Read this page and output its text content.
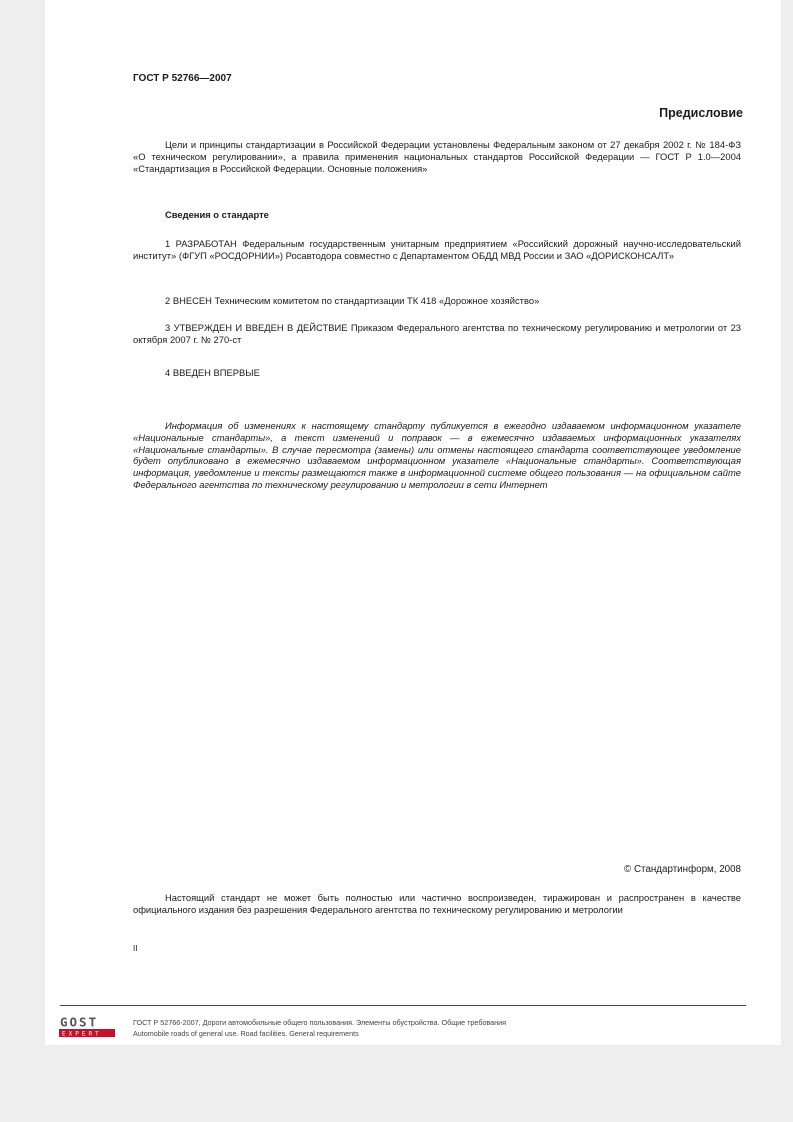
ГОСТ Р 52766—2007

Предисловие

Цели и принципы стандартизации в Российской Федерации установлены Федеральным законом от 27 декабря 2002 г. № 184-ФЗ «О техническом регулировании», а правила применения национальных стандартов Российской Федерации — ГОСТ Р 1.0—2004 «Стандартизация в Российской Федерации. Основные положения»

Сведения о стандарте

1 РАЗРАБОТАН Федеральным государственным унитарным предприятием «Российский дорожный научно-исследовательский институт» (ФГУП «РОСДОРНИИ») Росавтодора совместно с Департаментом ОБДД МВД России и ЗАО «ДОРИСКОНСАЛТ»

2 ВНЕСЕН Техническим комитетом по стандартизации ТК 418 «Дорожное хозяйство»

3 УТВЕРЖДЕН И ВВЕДЕН В ДЕЙСТВИЕ Приказом Федерального агентства по техническому регулированию и метрологии от 23 октября 2007 г. № 270-ст

4 ВВЕДЕН ВПЕРВЫЕ

Информация об изменениях к настоящему стандарту публикуется в ежегодно издаваемом информационном указателе «Национальные стандарты», а текст изменений и поправок — в ежемесячно издаваемых информационных указателях «Национальные стандарты». В случае пересмотра (замены) или отмены настоящего стандарта соответствующее уведомление будет опубликовано в ежемесячно издаваемом информационном указателе «Национальные стандарты». Соответствующая информация, уведомление и тексты размещаются также в информационной системе общего пользования — на официальном сайте Федерального агентства по техническому регулированию и метрологии в сети Интернет

© Стандартинформ, 2008

Настоящий стандарт не может быть полностью или частично воспроизведен, тиражирован и распространен в качестве официального издания без разрешения Федерального агентства по техническому регулированию и метрологии

II

GOST
EXPERT

ГОСТ Р 52766-2007, Дороги автомобильные общего пользования. Элементы обустройства. Общие требования
Automobile roads of general use. Road facilities. General requirements
